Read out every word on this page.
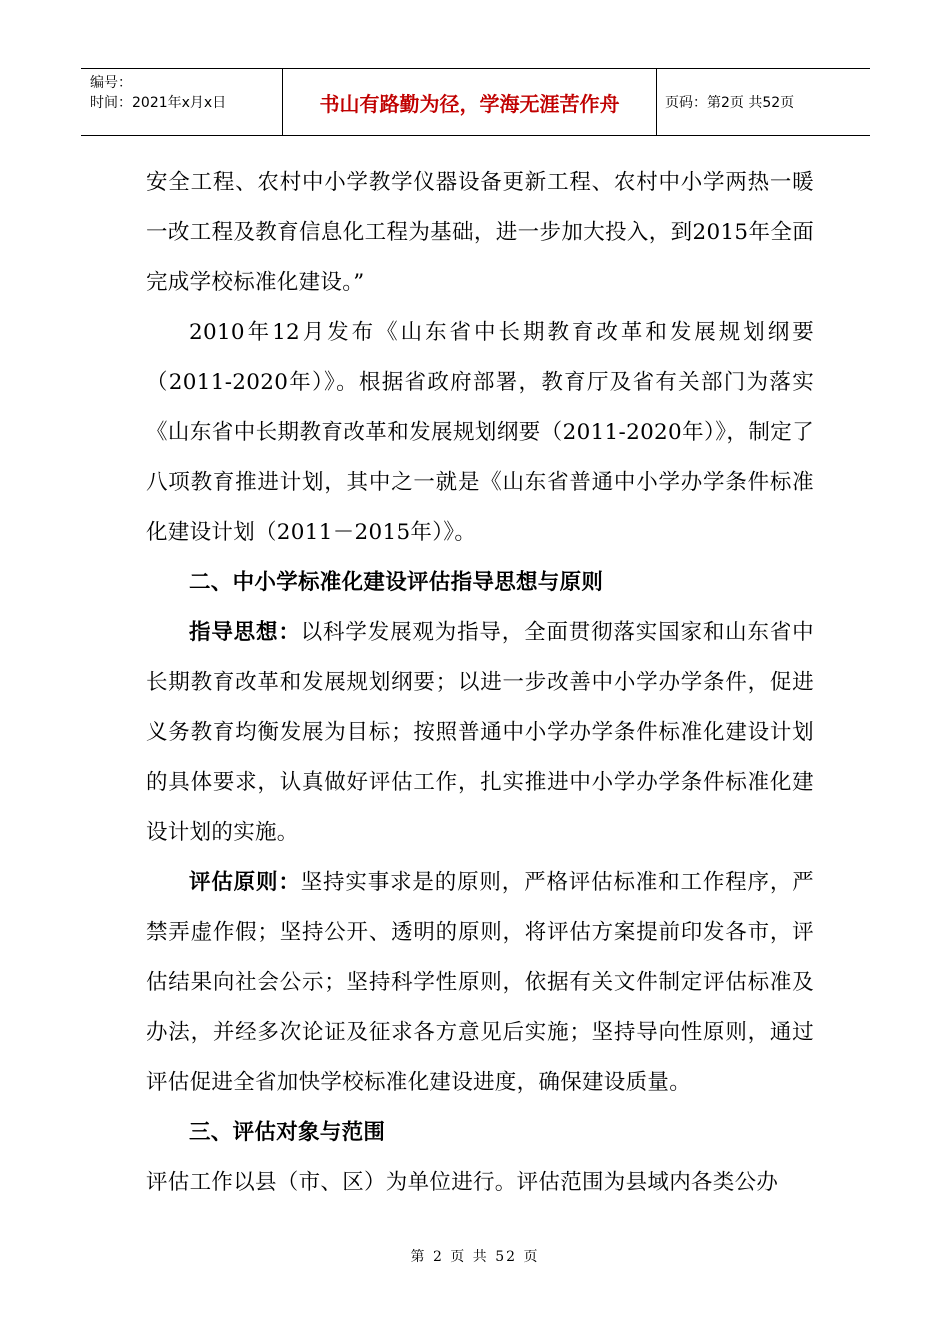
编号：
时间：2021年x月x日	书山有路勤为径，学海无涯苦作舟	页码：第2页 共52页

安全工程、农村中小学教学仪器设备更新工程、农村中小学两热一暖一改工程及教育信息化工程为基础，进一步加大投入，到2015年全面完成学校标准化建设。”

2010年12月发布《山东省中长期教育改革和发展规划纲要（2011-2020年）》。根据省政府部署，教育厅及省有关部门为落实《山东省中长期教育改革和发展规划纲要（2011-2020年）》，制定了八项教育推进计划，其中之一就是《山东省普通中小学办学条件标准化建设计划（2011－2015年）》。

二、中小学标准化建设评估指导思想与原则

指导思想：以科学发展观为指导，全面贯彻落实国家和山东省中长期教育改革和发展规划纲要；以进一步改善中小学办学条件，促进义务教育均衡发展为目标；按照普通中小学办学条件标准化建设计划的具体要求，认真做好评估工作，扎实推进中小学办学条件标准化建设计划的实施。

评估原则：坚持实事求是的原则，严格评估标准和工作程序，严禁弄虚作假；坚持公开、透明的原则，将评估方案提前印发各市，评估结果向社会公示；坚持科学性原则，依据有关文件制定评估标准及办法，并经多次论证及征求各方意见后实施；坚持导向性原则，通过评估促进全省加快学校标准化建设进度，确保建设质量。

三、评估对象与范围

评估工作以县（市、区）为单位进行。评估范围为县域内各类公办

第 2 页 共 52 页
